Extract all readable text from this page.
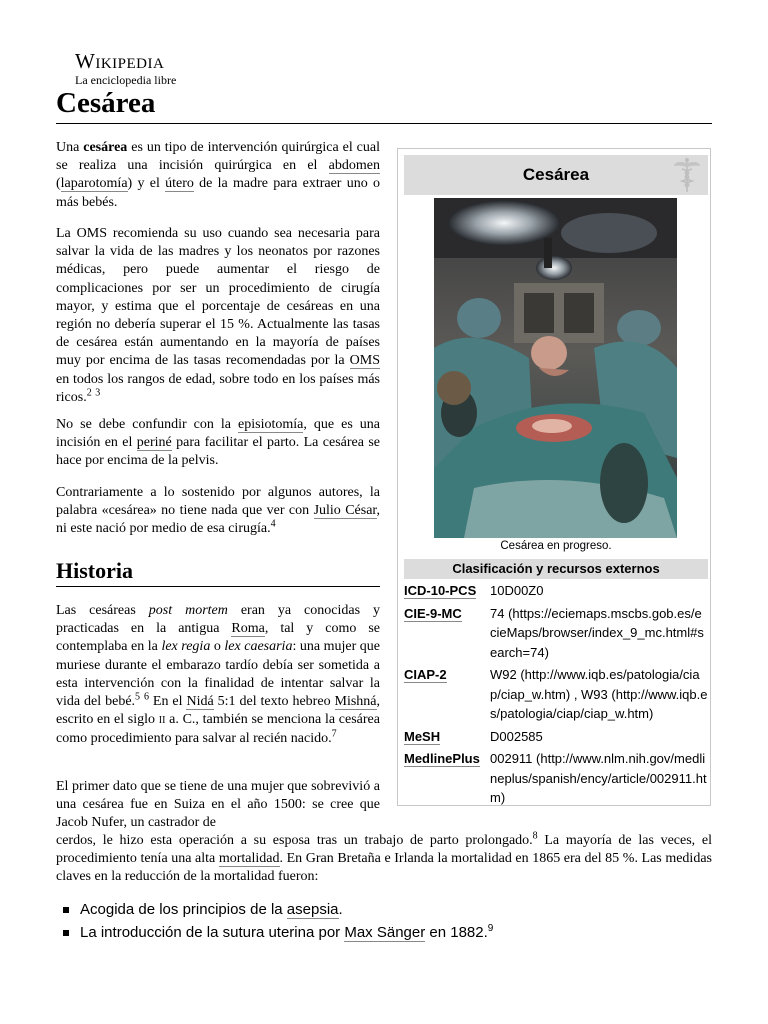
Wikipedia
La enciclopedia libre
Cesárea

Una cesárea es un tipo de intervención quirúrgica el cual se realiza una incisión quirúrgica en el abdomen (laparotomía) y el útero de la madre para extraer uno o más bebés.

La OMS recomienda su uso cuando sea necesaria para salvar la vida de las madres y los neonatos por razones médicas, pero puede aumentar el riesgo de complicaciones por ser un procedimiento de cirugía mayor, y estima que el porcentaje de cesáreas en una región no debería superar el 15 %. Actualmente las tasas de cesárea están aumentando en la mayoría de países muy por encima de las tasas recomendadas por la OMS en todos los rangos de edad, sobre todo en los países más ricos.$^2$ $^3$

No se debe confundir con la episiotomía, que es una incisión en el periné para facilitar el parto. La cesárea se hace por encima de la pelvis.

Contrariamente a lo sostenido por algunos autores, la palabra «cesárea» no tiene nada que ver con Julio César, ni este nació por medio de esa cirugía.$^4$

Historia

Las cesáreas post mortem eran ya conocidas y practicadas en la antigua Roma, tal y como se contemplaba en la lex regia o lex caesaria: una mujer que muriese durante el embarazo tardío debía ser sometida a esta intervención con la finalidad de intentar salvar la vida del bebé.$^5$ $^6$ En el Nidá 5:1 del texto hebreo Mishná, escrito en el siglo II a. C., también se menciona la cesárea como procedimiento para salvar al recién nacido.$^7$

El primer dato que se tiene de una mujer que sobrevivió a una cesárea fue en Suiza en el año 1500: se cree que Jacob Nufer, un castrador de

cerdos, le hizo esta operación a su esposa tras un trabajo de parto prolongado.$^8$ La mayoría de las veces, el procedimiento tenía una alta mortalidad. En Gran Bretaña e Irlanda la mortalidad en 1865 era del 85 %. Las medidas claves en la reducción de la mortalidad fueron:

Acogida de los principios de la asepsia.
La introducción de la sutura uterina por Max Sänger en 1882.$^9$
Cesárea
Cesárea en progreso.
Clasificación y recursos externos
ICD-10-PCS	10D00Z0
CIE-9-MC	74 (https://eciemaps.mscbs.gob.es/ecieMaps/browser/index_9_mc.html#search=74)
CIAP-2	W92 (http://www.iqb.es/patologia/ciap/ciap_w.htm) , W93 (http://www.iqb.es/patologia/ciap/ciap_w.htm)
MeSH	D002585
MedlinePlus	002911 (http://www.nlm.nih.gov/medlineplus/spanish/ency/article/002911.htm)
